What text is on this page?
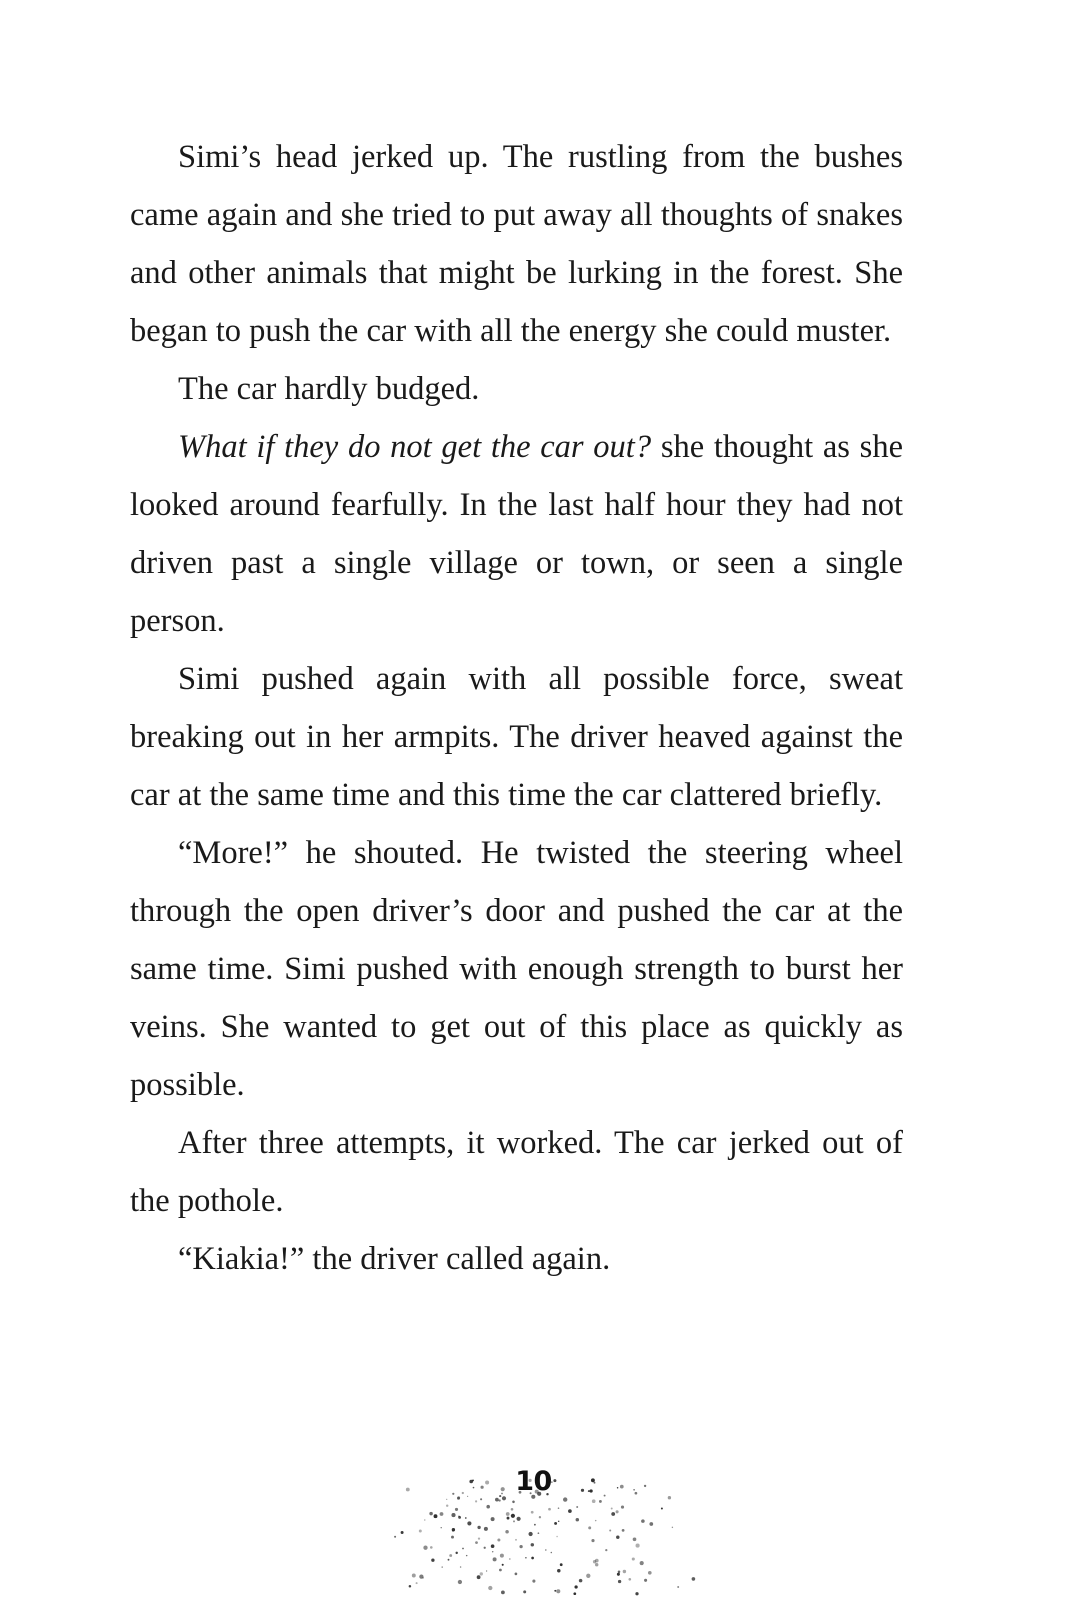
Simi’s head jerked up. The rustling from the bushes came again and she tried to put away all thoughts of snakes and other animals that might be lurking in the forest. She began to push the car with all the energy she could muster.

The car hardly budged.

What if they do not get the car out? she thought as she looked around fearfully. In the last half hour they had not driven past a single village or town, or seen a single person.

Simi pushed again with all possible force, sweat breaking out in her armpits. The driver heaved against the car at the same time and this time the car clattered briefly.

“More!” he shouted. He twisted the steering wheel through the open driver’s door and pushed the car at the same time. Simi pushed with enough strength to burst her veins. She wanted to get out of this place as quickly as possible.

After three attempts, it worked. The car jerked out of the pothole.

“Kiakia!” the driver called again.

10
